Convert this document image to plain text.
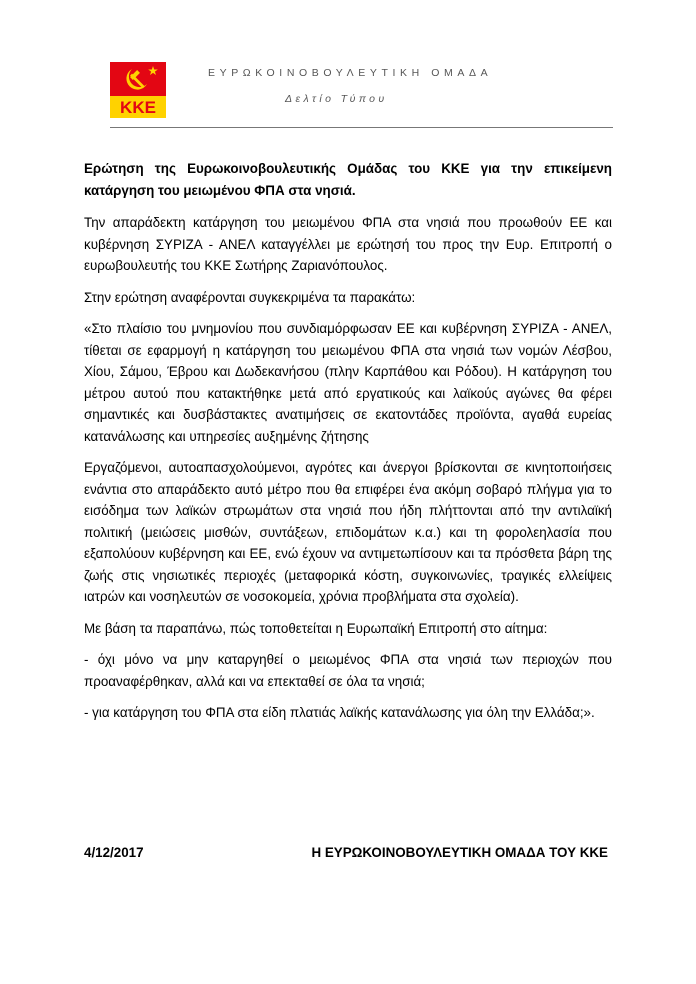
ΚΚΕ
ΕΥΡΩΚΟΙΝΟΒΟΥΛΕΥΤΙΚΗ ΟΜΑΔΑ
Δελτίο Τύπου

Ερώτηση της Ευρωκοινοβουλευτικής Ομάδας του ΚΚΕ για την επικείμενη κατάργηση του μειωμένου ΦΠΑ στα νησιά.

Την απαράδεκτη κατάργηση του μειωμένου ΦΠΑ στα νησιά που προωθούν ΕΕ και κυβέρνηση ΣΥΡΙΖΑ - ΑΝΕΛ καταγγέλλει με ερώτησή του προς την Ευρ. Επιτροπή ο ευρωβουλευτής του ΚΚΕ Σωτήρης Ζαριανόπουλος.

Στην ερώτηση αναφέρονται συγκεκριμένα τα παρακάτω:

«Στο πλαίσιο του μνημονίου που συνδιαμόρφωσαν ΕΕ και κυβέρνηση ΣΥΡΙΖΑ - ΑΝΕΛ, τίθεται σε εφαρμογή η κατάργηση του μειωμένου ΦΠΑ στα νησιά των νομών Λέσβου, Χίου, Σάμου, Έβρου και Δωδεκανήσου (πλην Καρπάθου και Ρόδου). Η κατάργηση του μέτρου αυτού που κατακτήθηκε μετά από εργατικούς και λαϊκούς αγώνες θα φέρει σημαντικές και δυσβάστακτες ανατιμήσεις σε εκατοντάδες προϊόντα, αγαθά ευρείας κατανάλωσης και υπηρεσίες αυξημένης ζήτησης

Εργαζόμενοι, αυτοαπασχολούμενοι, αγρότες και άνεργοι βρίσκονται σε κινητοποιήσεις ενάντια στο απαράδεκτο αυτό μέτρο που θα επιφέρει ένα ακόμη σοβαρό πλήγμα για το εισόδημα των λαϊκών στρωμάτων στα νησιά που ήδη πλήττονται από την αντιλαϊκή πολιτική (μειώσεις μισθών, συντάξεων, επιδομάτων κ.α.) και τη φορολεηλασία που εξαπολύουν κυβέρνηση και ΕΕ, ενώ έχουν να αντιμετωπίσουν και τα πρόσθετα βάρη της ζωής στις νησιωτικές περιοχές (μεταφορικά κόστη, συγκοινωνίες, τραγικές ελλείψεις ιατρών και νοσηλευτών σε νοσοκομεία, χρόνια προβλήματα στα σχολεία).

Με βάση τα παραπάνω, πώς τοποθετείται η Ευρωπαϊκή Επιτροπή στο αίτημα:

- όχι μόνο να μην καταργηθεί ο μειωμένος ΦΠΑ στα νησιά των περιοχών που προαναφέρθηκαν, αλλά και να επεκταθεί σε όλα τα νησιά;

- για κατάργηση του ΦΠΑ στα είδη πλατιάς λαϊκής κατανάλωσης για όλη την Ελλάδα;».

4/12/2017	Η ΕΥΡΩΚΟΙΝΟΒΟΥΛΕΥΤΙΚΗ ΟΜΑΔΑ ΤΟΥ ΚΚΕ
